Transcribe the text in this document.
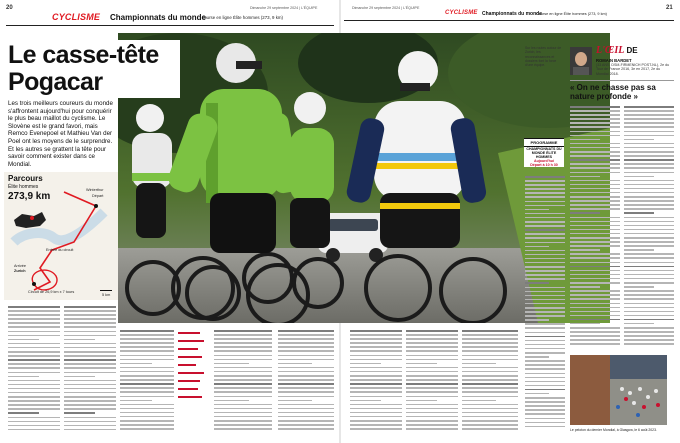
20
CYCLISME Championnats du monde
course en ligne Élite hommes (273, 9 km)
Dimanche 29 septembre 2024 | L'ÉQUIPE	21
Dimanche 29 septembre 2024 | L'ÉQUIPE
CYCLISME Championnats du monde
Course en ligne Élite hommes (273, 9 km)
Le casse-tête
Pogacar
Les trois meilleurs coureurs du monde s'affrontent aujourd'hui pour conquérir le plus beau maillot du cyclisme. Le Slovène est le grand favori, mais Remco Evenepoel et Mathieu Van der Poel ont les moyens de le surprendre. Et les autres se grattent la tête pour savoir comment exister dans ce Mondial.
Parcours
Élite hommes
273,9 km
Winterthur
Départ
Entrée du circuit
Arrivée
Zurich
5 km
Circuit de 26,9 km x 7 tours
Sur les routes autour de Zurich, les reconnaissances et dossiers font la force d'une équipe.
PROGRAMME
CHAMPIONNATS DU MONDE ÉLITE
HOMMES
Aujourd'hui
Départ à 10 h 30
L'ŒIL DE
ROMAIN BARDET
(33 ANS, DSM-FIRMENICH POST-NL), 2e du Tour de France 2016, 3e en 2017, 2e du Mondial 2018.
« On ne chasse pas sa nature profonde »
Le peloton du dernier Mondial, à Glasgow, le 6 août 2023.
